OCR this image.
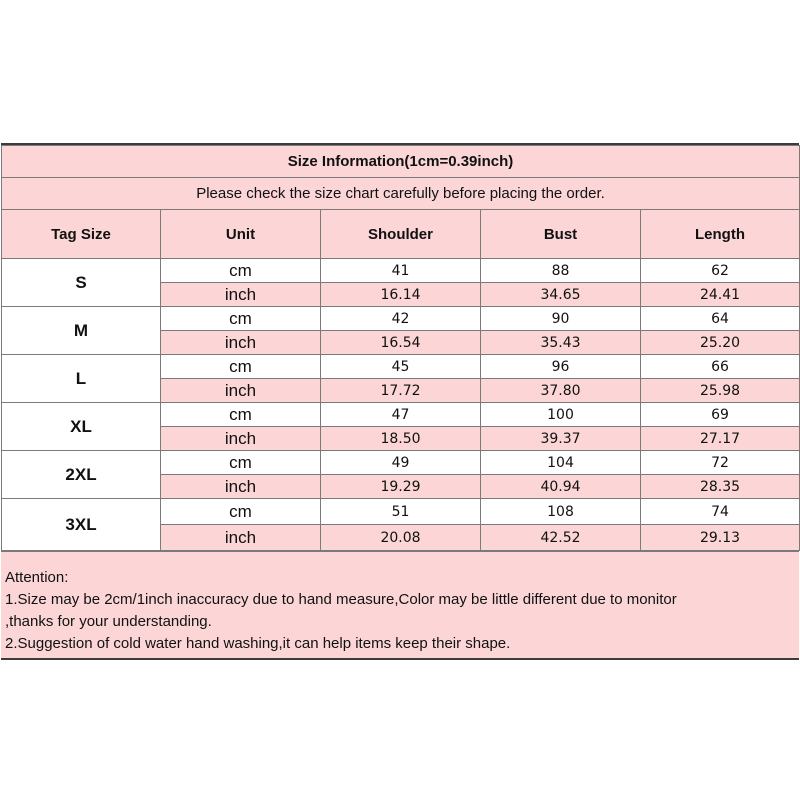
Size Information(1cm=0.39inch)				
Please check the size chart carefully before placing the order.				
Tag Size	Unit	Shoulder	Bust	Length
S	cm	41	88	62
	inch	16.14	34.65	24.41
M	cm	42	90	64
	inch	16.54	35.43	25.20
L	cm	45	96	66
	inch	17.72	37.80	25.98
XL	cm	47	100	69
	inch	18.50	39.37	27.17
2XL	cm	49	104	72
	inch	19.29	40.94	28.35
3XL	cm	51	108	74
	inch	20.08	42.52	29.13
Attention:
1.Size may be 2cm/1inch inaccuracy due to hand measure,Color may be little different due to monitor
,thanks for your understanding.
2.Suggestion of cold water hand washing,it can help items keep their shape.
